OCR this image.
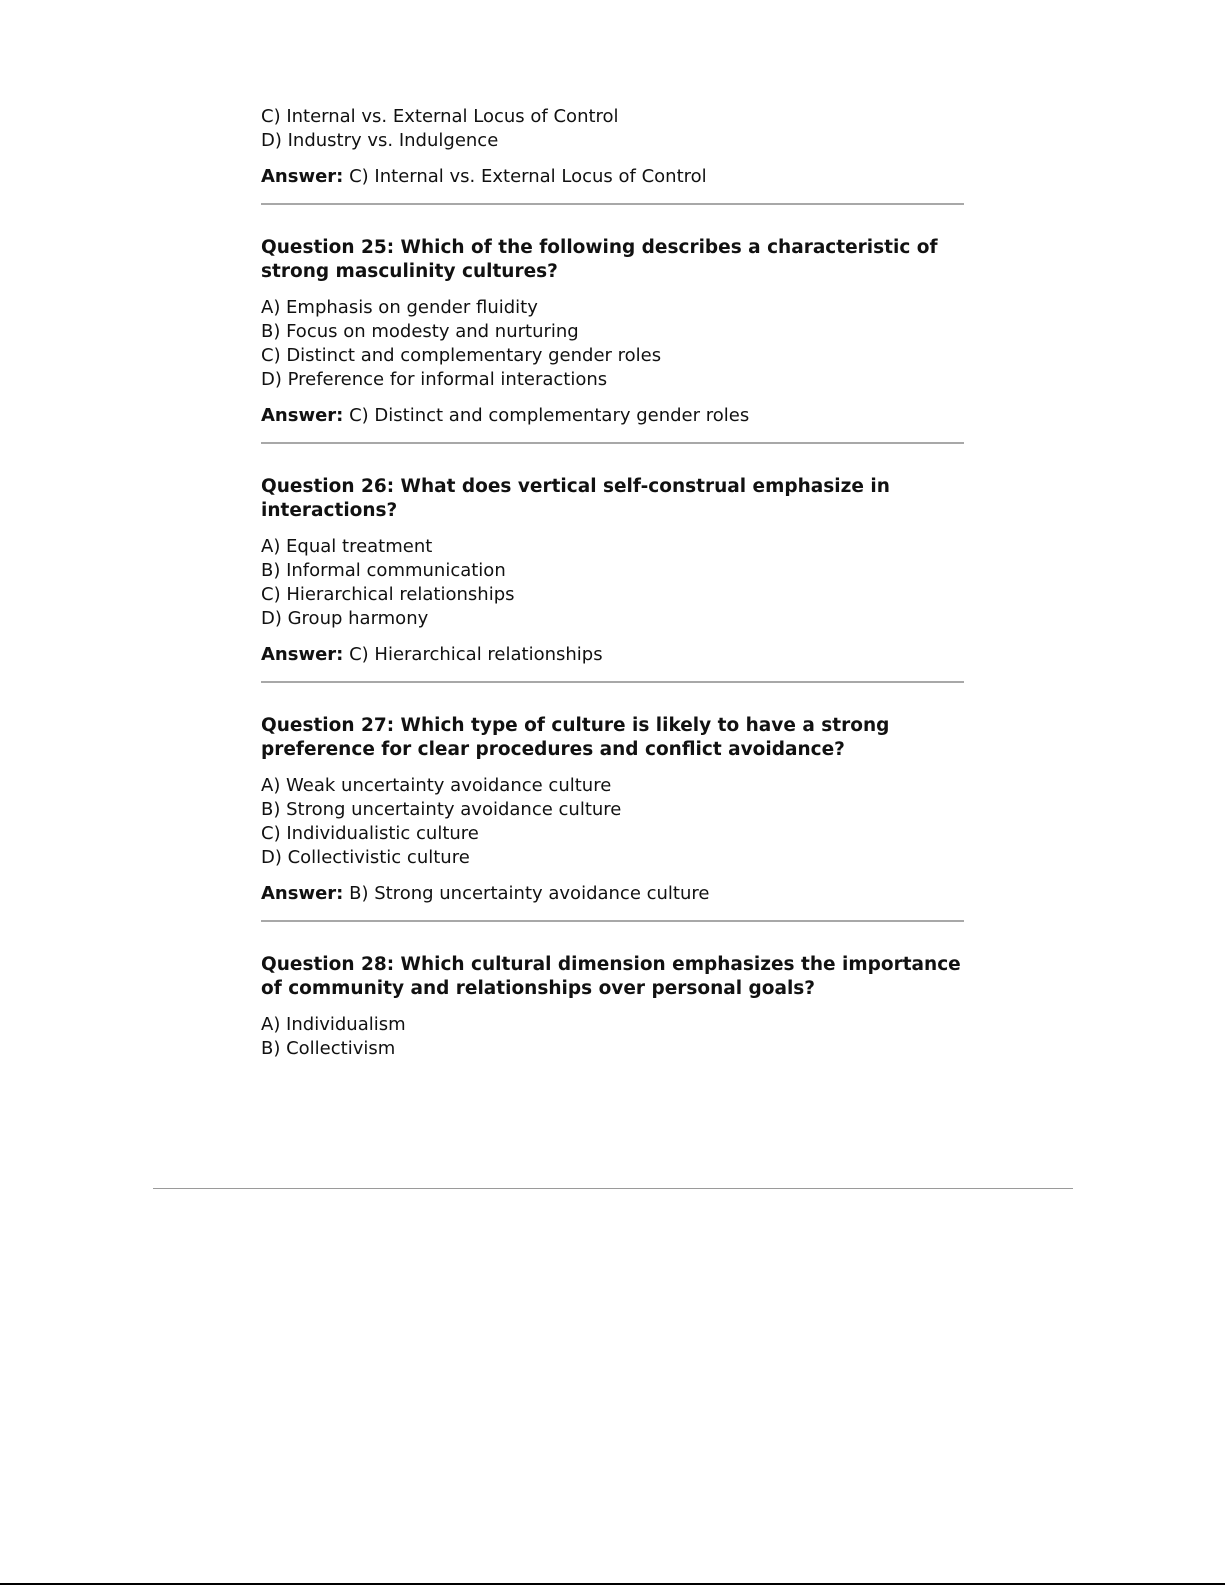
C) Internal vs. External Locus of Control

D) Industry vs. Indulgence

Answer: C) Internal vs. External Locus of Control

Question 25: Which of the following describes a characteristic of strong masculinity cultures?

A) Emphasis on gender fluidity

B) Focus on modesty and nurturing

C) Distinct and complementary gender roles

D) Preference for informal interactions

Answer: C) Distinct and complementary gender roles

Question 26: What does vertical self-construal emphasize in interactions?

A) Equal treatment

B) Informal communication

C) Hierarchical relationships

D) Group harmony

Answer: C) Hierarchical relationships

Question 27: Which type of culture is likely to have a strong preference for clear procedures and conflict avoidance?

A) Weak uncertainty avoidance culture

B) Strong uncertainty avoidance culture

C) Individualistic culture

D) Collectivistic culture

Answer: B) Strong uncertainty avoidance culture

Question 28: Which cultural dimension emphasizes the importance of community and relationships over personal goals?

A) Individualism

B) Collectivism
